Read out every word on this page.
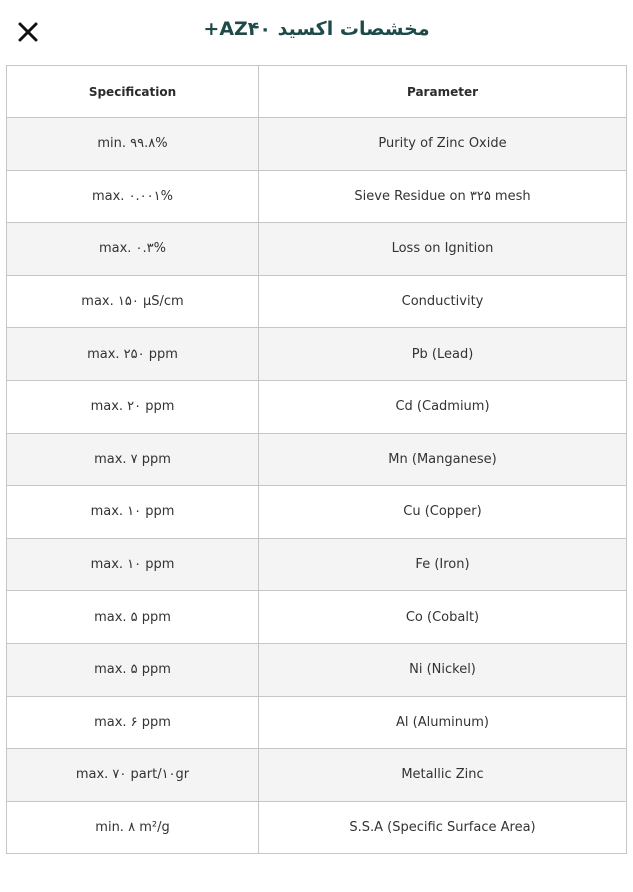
مخشصات اکسید AZ۴۰+
Specification	Parameter
min. ۹۹.۸%	Purity of Zinc Oxide
max. ۰.۰۰۱%	Sieve Residue on ۳۲۵ mesh
max. ۰.۳%	Loss on Ignition
max. ۱۵۰ µS/cm	Conductivity
max. ۲۵۰ ppm	Pb (Lead)
max. ۲۰ ppm	Cd (Cadmium)
max. ۷ ppm	Mn (Manganese)
max. ۱۰ ppm	Cu (Copper)
max. ۱۰ ppm	Fe (Iron)
max. ۵ ppm	Co (Cobalt)
max. ۵ ppm	Ni (Nickel)
max. ۶ ppm	Al (Aluminum)
max. ۷۰ part/۱۰gr	Metallic Zinc
min. ۸ m²/g	S.S.A (Specific Surface Area)
